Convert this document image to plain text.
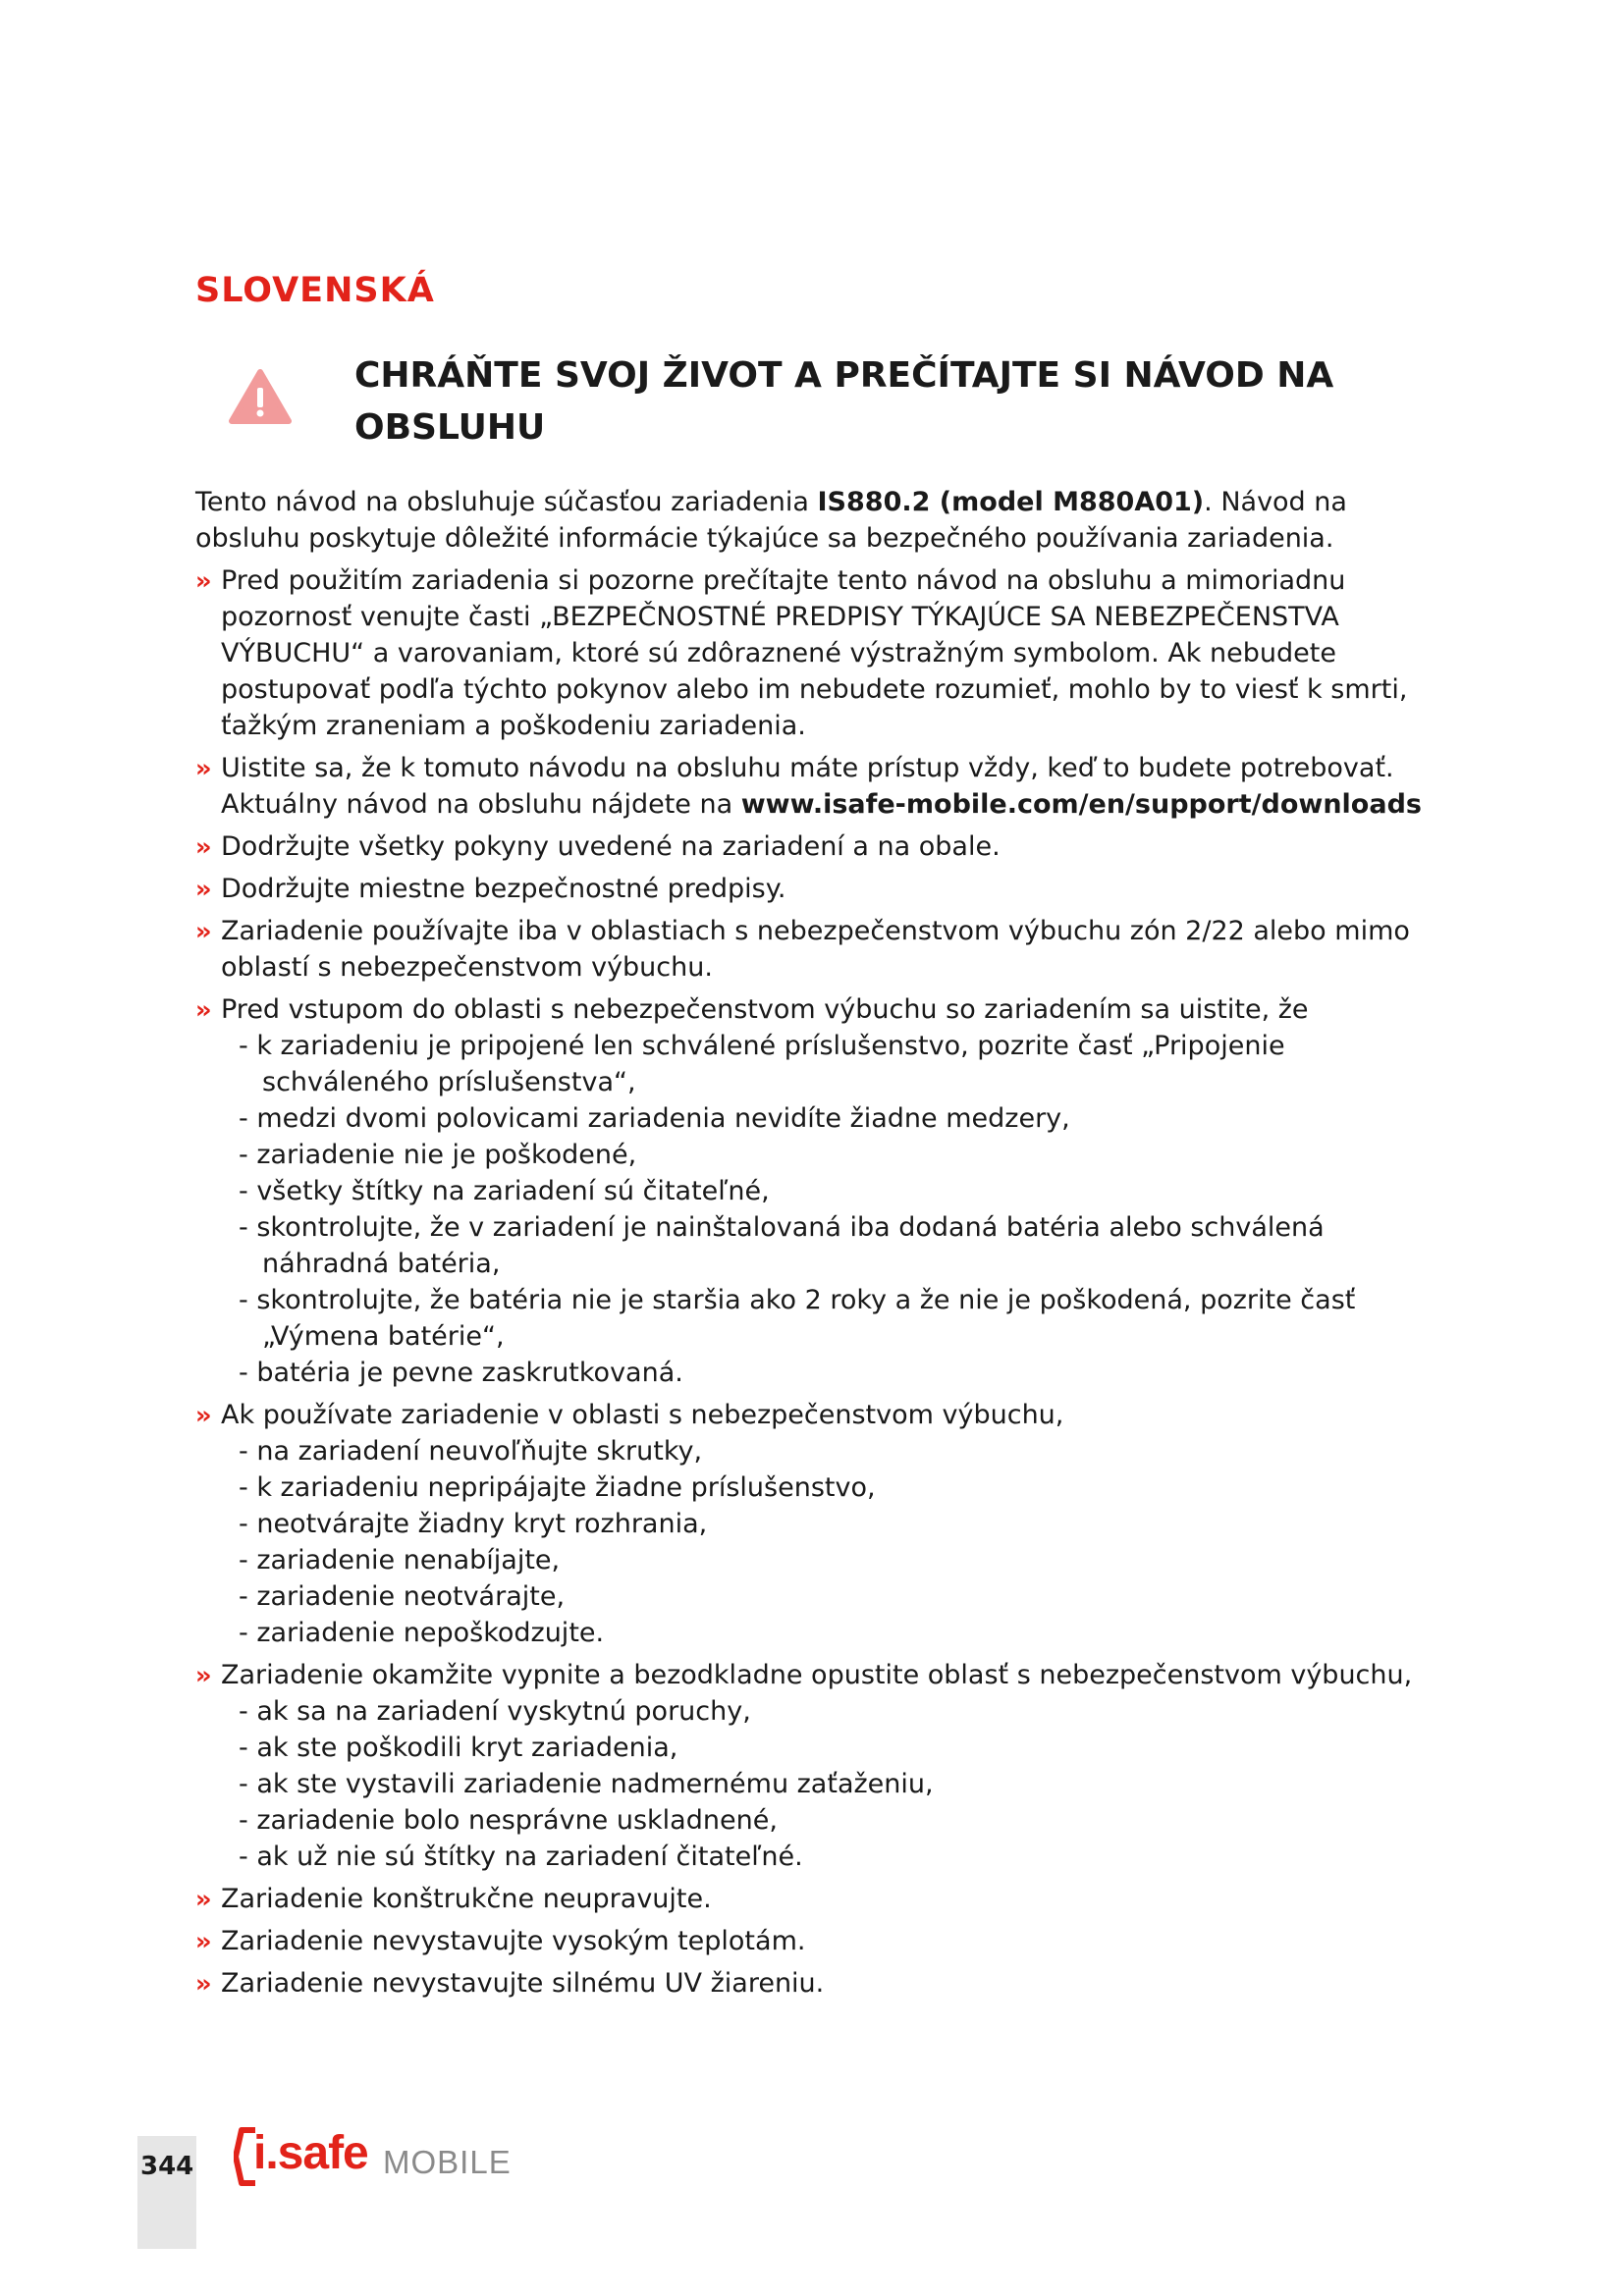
SLOVENSKÁ
CHRÁŇTE SVOJ ŽIVOT A PREČÍTAJTE SI NÁVOD NA OBSLUHU

Tento návod na obsluhuje súčasťou zariadenia IS880.2 (model M880A01). Návod na obsluhu poskytuje dôležité informácie týkajúce sa bezpečného používania zariadenia.

›› Pred použitím zariadenia si pozorne prečítajte tento návod na obsluhu a mimoriadnu pozornosť venujte časti „BEZPEČNOSTNÉ PREDPISY TÝKAJÚCE SA NEBEZPEČENSTVA VÝBUCHU“ a varovaniam, ktoré sú zdôraznené výstražným symbolom. Ak nebudete postupovať podľa týchto pokynov alebo im nebudete rozumieť, mohlo by to viesť k smrti, ťažkým zraneniam a poškodeniu zariadenia.
›› Uistite sa, že k tomuto návodu na obsluhu máte prístup vždy, keď to budete potrebovať. Aktuálny návod na obsluhu nájdete na www.isafe-mobile.com/en/support/downloads
›› Dodržujte všetky pokyny uvedené na zariadení a na obale.
›› Dodržujte miestne bezpečnostné predpisy.
›› Zariadenie používajte iba v oblastiach s nebezpečenstvom výbuchu zón 2/22 alebo mimo oblastí s nebezpečenstvom výbuchu.
›› Pred vstupom do oblasti s nebezpečenstvom výbuchu so zariadením sa uistite, že
- k zariadeniu je pripojené len schválené príslušenstvo, pozrite časť „Pripojenie schváleného príslušenstva“,
- medzi dvomi polovicami zariadenia nevidíte žiadne medzery,
- zariadenie nie je poškodené,
- všetky štítky na zariadení sú čitateľné,
- skontrolujte, že v zariadení je nainštalovaná iba dodaná batéria alebo schválená náhradná batéria,
- skontrolujte, že batéria nie je staršia ako 2 roky a že nie je poškodená, pozrite časť „Výmena batérie“,
- batéria je pevne zaskrutkovaná.
›› Ak používate zariadenie v oblasti s nebezpečenstvom výbuchu,
- na zariadení neuvoľňujte skrutky,
- k zariadeniu nepripájajte žiadne príslušenstvo,
- neotvárajte žiadny kryt rozhrania,
- zariadenie nenabíjajte,
- zariadenie neotvárajte,
- zariadenie nepoškodzujte.
›› Zariadenie okamžite vypnite a bezodkladne opustite oblasť s nebezpečenstvom výbuchu,
- ak sa na zariadení vyskytnú poruchy,
- ak ste poškodili kryt zariadenia,
- ak ste vystavili zariadenie nadmernému zaťaženiu,
- zariadenie bolo nesprávne uskladnené,
- ak už nie sú štítky na zariadení čitateľné.
›› Zariadenie konštrukčne neupravujte.
›› Zariadenie nevystavujte vysokým teplotám.
›› Zariadenie nevystavujte silnému UV žiareniu.
344 i.safe MOBILE
